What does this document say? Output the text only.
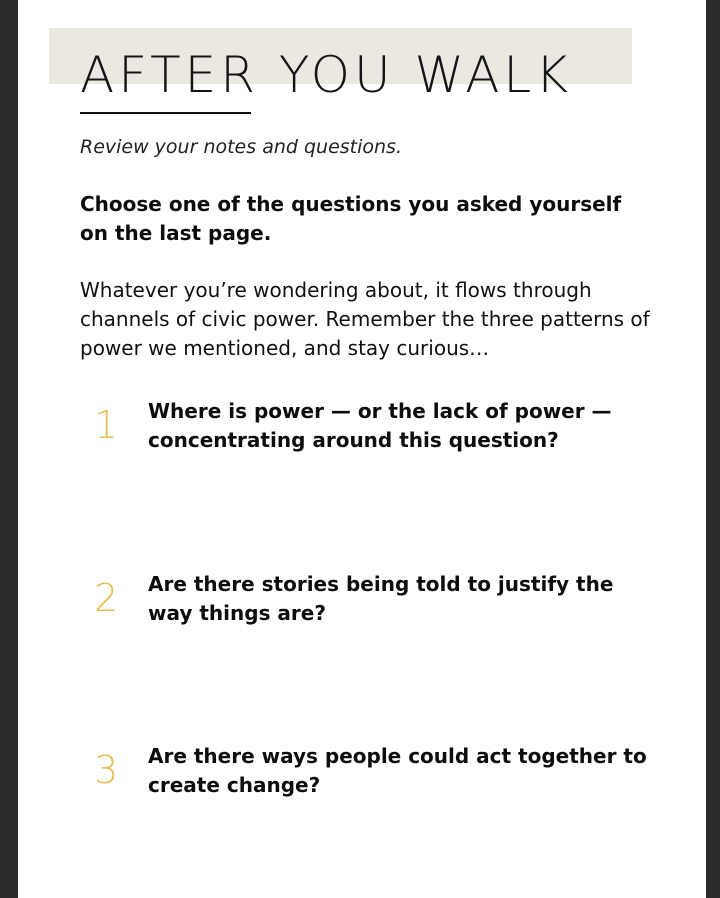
AFTER YOU WALK

Review your notes and questions.

Choose one of the questions you asked yourself on the last page.

Whatever you’re wondering about, it flows through channels of civic power. Remember the three patterns of power we mentioned, and stay curious…

1 Where is power — or the lack of power — concentrating around this question?

2 Are there stories being told to justify the way things are?

3 Are there ways people could act together to create change?
